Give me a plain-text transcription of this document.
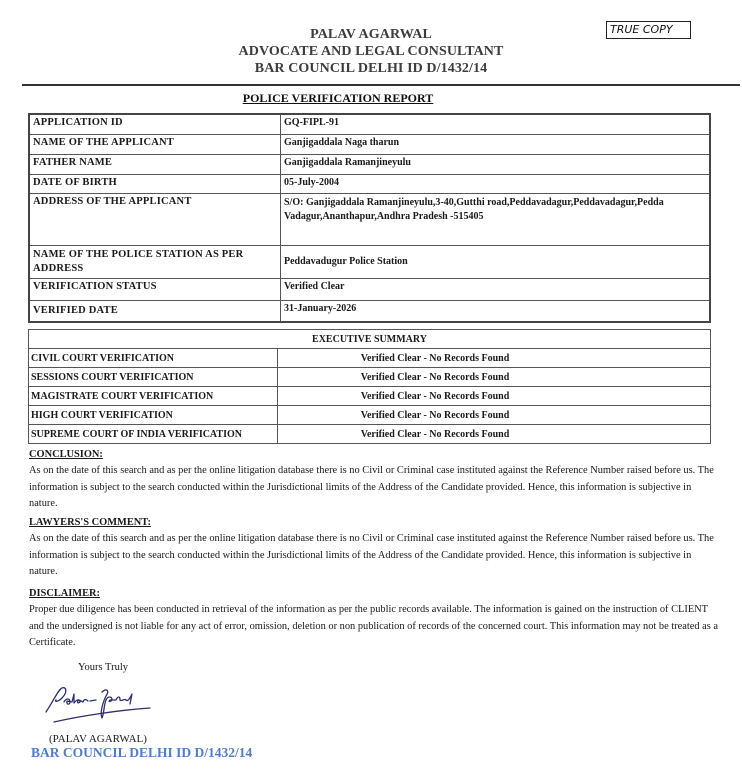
PALAV AGARWAL
ADVOCATE AND LEGAL CONSULTANT
BAR COUNCIL DELHI ID D/1432/14
TRUE COPY
POLICE VERIFICATION REPORT
APPLICATION ID	GQ-FIPL-91
NAME OF THE APPLICANT	Ganjigaddala Naga tharun
FATHER NAME	Ganjigaddala Ramanjineyulu
DATE OF BIRTH	05-July-2004
ADDRESS OF THE APPLICANT	S/O: Ganjigaddala Ramanjineyulu,3-40,Gutthi road,Peddavadagur,Peddavadagur,Pedda Vadagur,Ananthapur,Andhra Pradesh -515405
NAME OF THE POLICE STATION AS PER ADDRESS	Peddavadugur Police Station
VERIFICATION STATUS	Verified Clear
VERIFIED DATE	31-January-2026
EXECUTIVE SUMMARY	
CIVIL COURT VERIFICATION	Verified Clear - No Records Found
SESSIONS COURT VERIFICATION	Verified Clear - No Records Found
MAGISTRATE COURT VERIFICATION	Verified Clear - No Records Found
HIGH COURT VERIFICATION	Verified Clear - No Records Found
SUPREME COURT OF INDIA VERIFICATION	Verified Clear - No Records Found
CONCLUSION:
As on the date of this search and as per the online litigation database there is no Civil or Criminal case instituted against the Reference Number raised before us. The information is subject to the search conducted within the Jurisdictional limits of the Address of the Candidate provided. Hence, this information is subjective in nature.
LAWYERS'S COMMENT:
As on the date of this search and as per the online litigation database there is no Civil or Criminal case instituted against the Reference Number raised before us. The information is subject to the search conducted within the Jurisdictional limits of the Address of the Candidate provided. Hence, this information is subjective in nature.
DISCLAIMER:
Proper due diligence has been conducted in retrieval of the information as per the public records available. The information is gained on the instruction of CLIENT and the undersigned is not liable for any act of error, omission, deletion or non publication of records of the concerned court. This information may not be treated as a Certificate.
Yours Truly
(PALAV AGARWAL)
BAR COUNCIL DELHI ID D/1432/14
